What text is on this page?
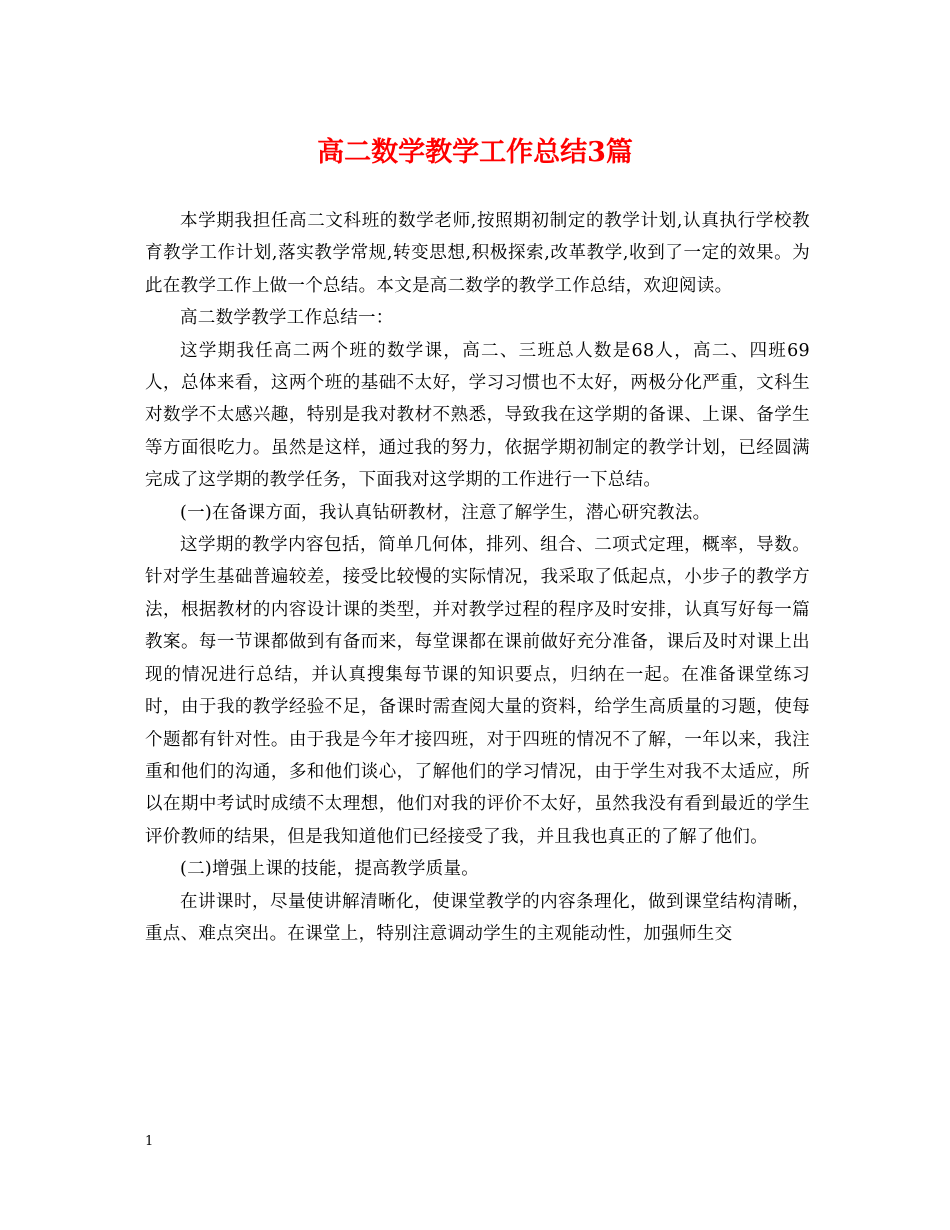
高二数学教学工作总结3篇

本学期我担任高二文科班的数学老师,按照期初制定的教学计划,认真执行学校教育教学工作计划,落实教学常规,转变思想,积极探索,改革教学,收到了一定的效果。为此在教学工作上做一个总结。本文是高二数学的教学工作总结，欢迎阅读。

高二数学教学工作总结一：

这学期我任高二两个班的数学课，高二、三班总人数是68人，高二、四班69人，总体来看，这两个班的基础不太好，学习习惯也不太好，两极分化严重，文科生对数学不太感兴趣，特别是我对教材不熟悉，导致我在这学期的备课、上课、备学生等方面很吃力。虽然是这样，通过我的努力，依据学期初制定的教学计划，已经圆满完成了这学期的教学任务，下面我对这学期的工作进行一下总结。

(一)在备课方面，我认真钻研教材，注意了解学生，潜心研究教法。

这学期的教学内容包括，简单几何体，排列、组合、二项式定理，概率，导数。针对学生基础普遍较差，接受比较慢的实际情况，我采取了低起点，小步子的教学方法，根据教材的内容设计课的类型，并对教学过程的程序及时安排，认真写好每一篇教案。每一节课都做到有备而来，每堂课都在课前做好充分准备，课后及时对课上出现的情况进行总结，并认真搜集每节课的知识要点，归纳在一起。在准备课堂练习时，由于我的教学经验不足，备课时需查阅大量的资料，给学生高质量的习题，使每个题都有针对性。由于我是今年才接四班，对于四班的情况不了解，一年以来，我注重和他们的沟通，多和他们谈心，了解他们的学习情况，由于学生对我不太适应，所以在期中考试时成绩不太理想，他们对我的评价不太好，虽然我没有看到最近的学生评价教师的结果，但是我知道他们已经接受了我，并且我也真正的了解了他们。

(二)增强上课的技能，提高教学质量。

在讲课时，尽量使讲解清晰化，使课堂教学的内容条理化，做到课堂结构清晰，重点、难点突出。在课堂上，特别注意调动学生的主观能动性，加强师生交

1
